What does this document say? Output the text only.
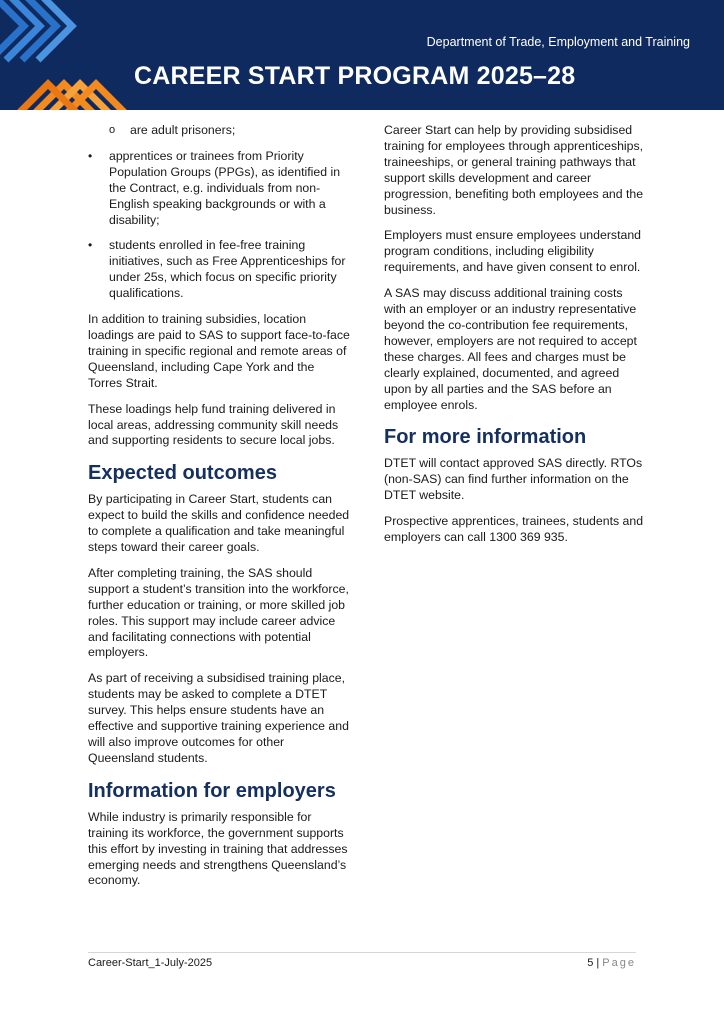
Department of Trade, Employment and Training
CAREER START PROGRAM 2025–28
o are adult prisoners;
• apprentices or trainees from Priority Population Groups (PPGs), as identified in the Contract, e.g. individuals from non-English speaking backgrounds or with a disability;
• students enrolled in fee-free training initiatives, such as Free Apprenticeships for under 25s, which focus on specific priority qualifications.

In addition to training subsidies, location loadings are paid to SAS to support face-to-face training in specific regional and remote areas of Queensland, including Cape York and the Torres Strait.

These loadings help fund training delivered in local areas, addressing community skill needs and supporting residents to secure local jobs.

Expected outcomes

By participating in Career Start, students can expect to build the skills and confidence needed to complete a qualification and take meaningful steps toward their career goals.

After completing training, the SAS should support a student’s transition into the workforce, further education or training, or more skilled job roles. This support may include career advice and facilitating connections with potential employers.

As part of receiving a subsidised training place, students may be asked to complete a DTET survey. This helps ensure students have an effective and supportive training experience and will also improve outcomes for other Queensland students.

Information for employers

While industry is primarily responsible for training its workforce, the government supports this effort by investing in training that addresses emerging needs and strengthens Queensland’s economy.

Career Start can help by providing subsidised training for employees through apprenticeships, traineeships, or general training pathways that support skills development and career progression, benefiting both employees and the business.

Employers must ensure employees understand program conditions, including eligibility requirements, and have given consent to enrol.

A SAS may discuss additional training costs with an employer or an industry representative beyond the co-contribution fee requirements, however, employers are not required to accept these charges. All fees and charges must be clearly explained, documented, and agreed upon by all parties and the SAS before an employee enrols.

For more information

DTET will contact approved SAS directly. RTOs (non-SAS) can find further information on the DTET website.

Prospective apprentices, trainees, students and employers can call 1300 369 935.

Career-Start_1-July-2025	5 | Page
